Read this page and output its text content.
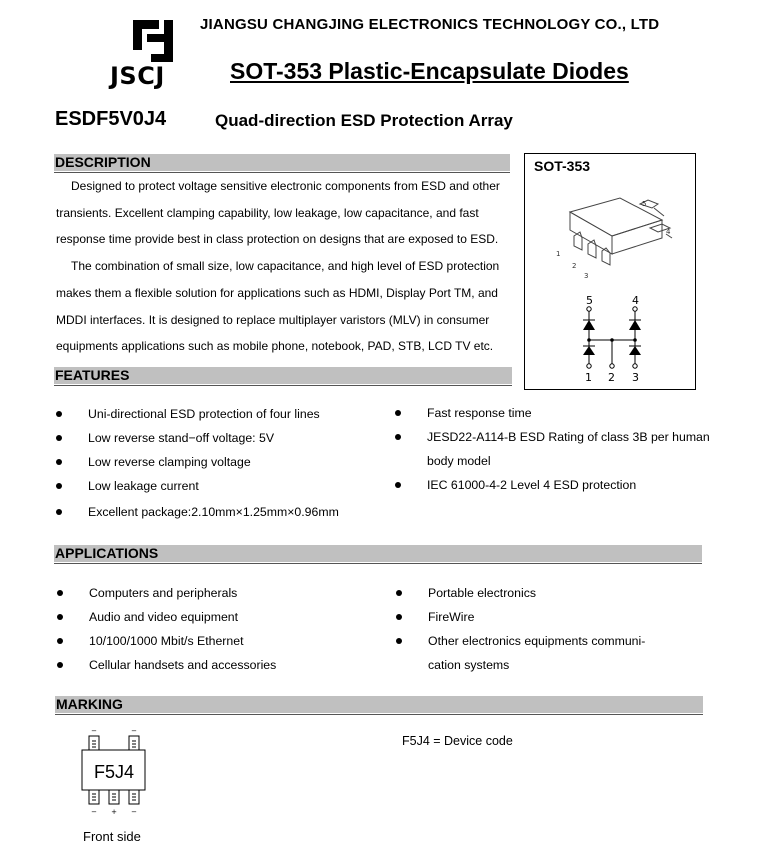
JSCJ
JIANGSU CHANGJING ELECTRONICS TECHNOLOGY CO., LTD
SOT-353 Plastic-Encapsulate Diodes
ESDF5V0J4	Quad-direction ESD Protection Array
DESCRIPTION
Designed to protect voltage sensitive electronic components from ESD and other
transients. Excellent clamping capability, low leakage, low capacitance, and fast
response time provide best in class protection on designs that are exposed to ESD.
The combination of small size, low capacitance, and high level of ESD protection
makes them a flexible solution for applications such as HDMI, Display Port TM, and
MDDI interfaces. It is designed to replace multiplayer varistors (MLV) in consumer
equipments applications such as mobile phone, notebook, PAD, STB, LCD TV etc.
SOT-353
5
4
1
2
3
5	4
1 2 3
FEATURES
Uni-directional ESD protection of four lines
Low reverse stand−off voltage: 5V
Low reverse clamping voltage
Low leakage current
Excellent package:2.10mm×1.25mm×0.96mm
Fast response time
JESD22-A114-B ESD Rating of class 3B per human
body model
IEC 61000-4-2 Level 4 ESD protection
APPLICATIONS
Computers and peripherals
Audio and video equipment
10/100/1000 Mbit/s Ethernet
Cellular handsets and accessories
Portable electronics
FireWire
Other electronics equipments communi-
cation systems
MARKING
−	−
− + −
F5J4
F5J4 = Device code
Front side
